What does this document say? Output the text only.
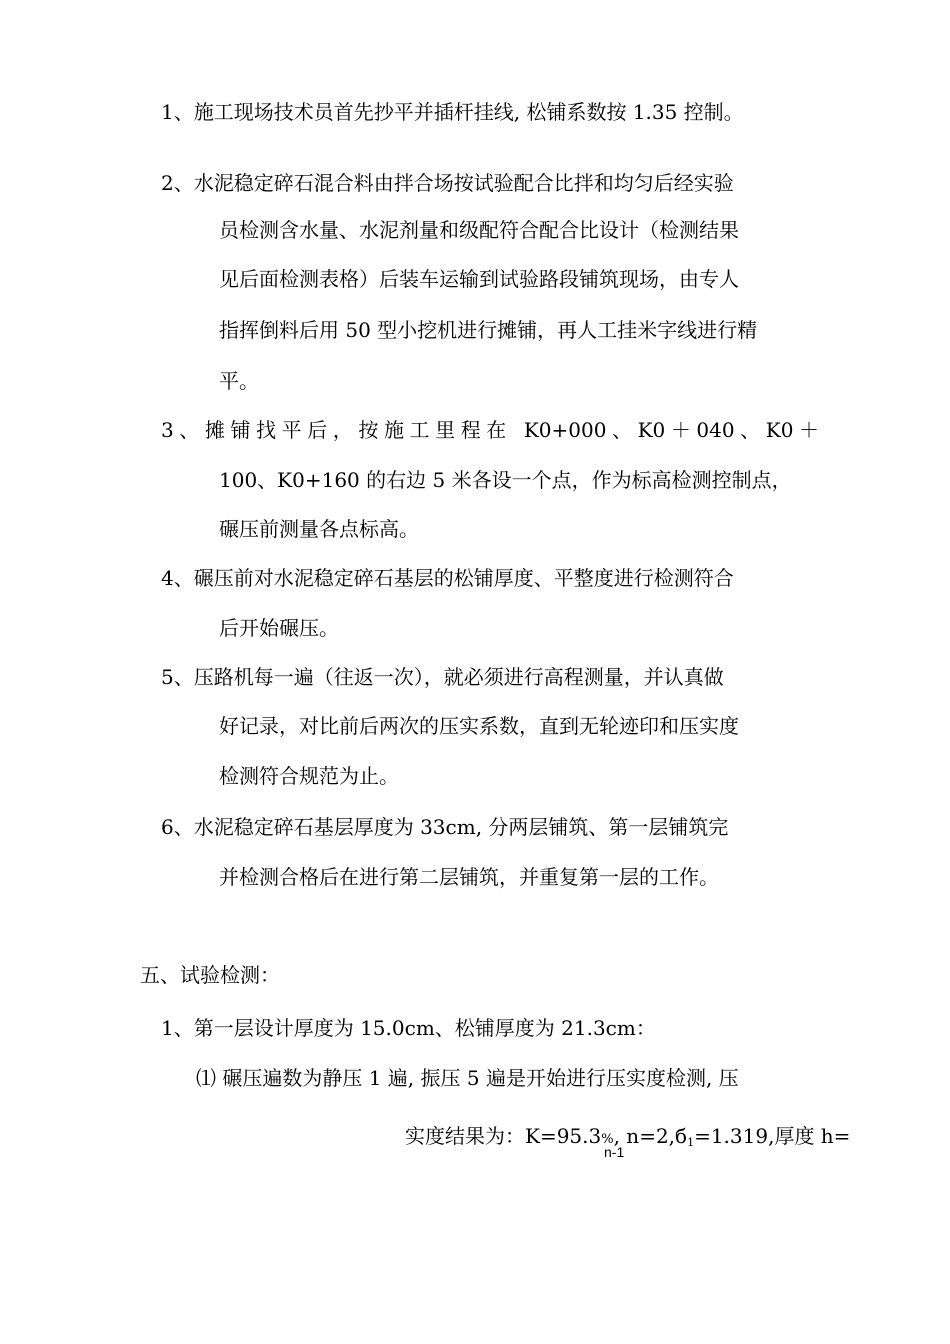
1、施工现场技术员首先抄平并插杆挂线, 松铺系数按 1.35 控制。
2、水泥稳定碎石混合料由拌合场按试验配合比拌和均匀后经实验
员检测含水量、水泥剂量和级配符合配合比设计（检测结果
见后面检测表格）后装车运输到试验路段铺筑现场，由专人
指挥倒料后用 50 型小挖机进行摊铺，再人工挂米字线进行精
平。
3、摊铺找平后，按施工里程在 K0+000、K0＋040、K0＋
100、K0+160 的右边 5 米各设一个点，作为标高检测控制点，
碾压前测量各点标高。
4、碾压前对水泥稳定碎石基层的松铺厚度、平整度进行检测符合
后开始碾压。
5、压路机每一遍（往返一次），就必须进行高程测量，并认真做
好记录，对比前后两次的压实系数，直到无轮迹印和压实度
检测符合规范为止。
6、水泥稳定碎石基层厚度为 33cm, 分两层铺筑、第一层铺筑完
并检测合格后在进行第二层铺筑，并重复第一层的工作。
五、试验检测：
1、第一层设计厚度为 15.0cm、松铺厚度为 21.3cm：
⑴ 碾压遍数为静压 1 遍, 振压 5 遍是开始进行压实度检测, 压
实度结果为：K=95.3%, $n=2,б_1=1.319$,厚度 h=
n-1
